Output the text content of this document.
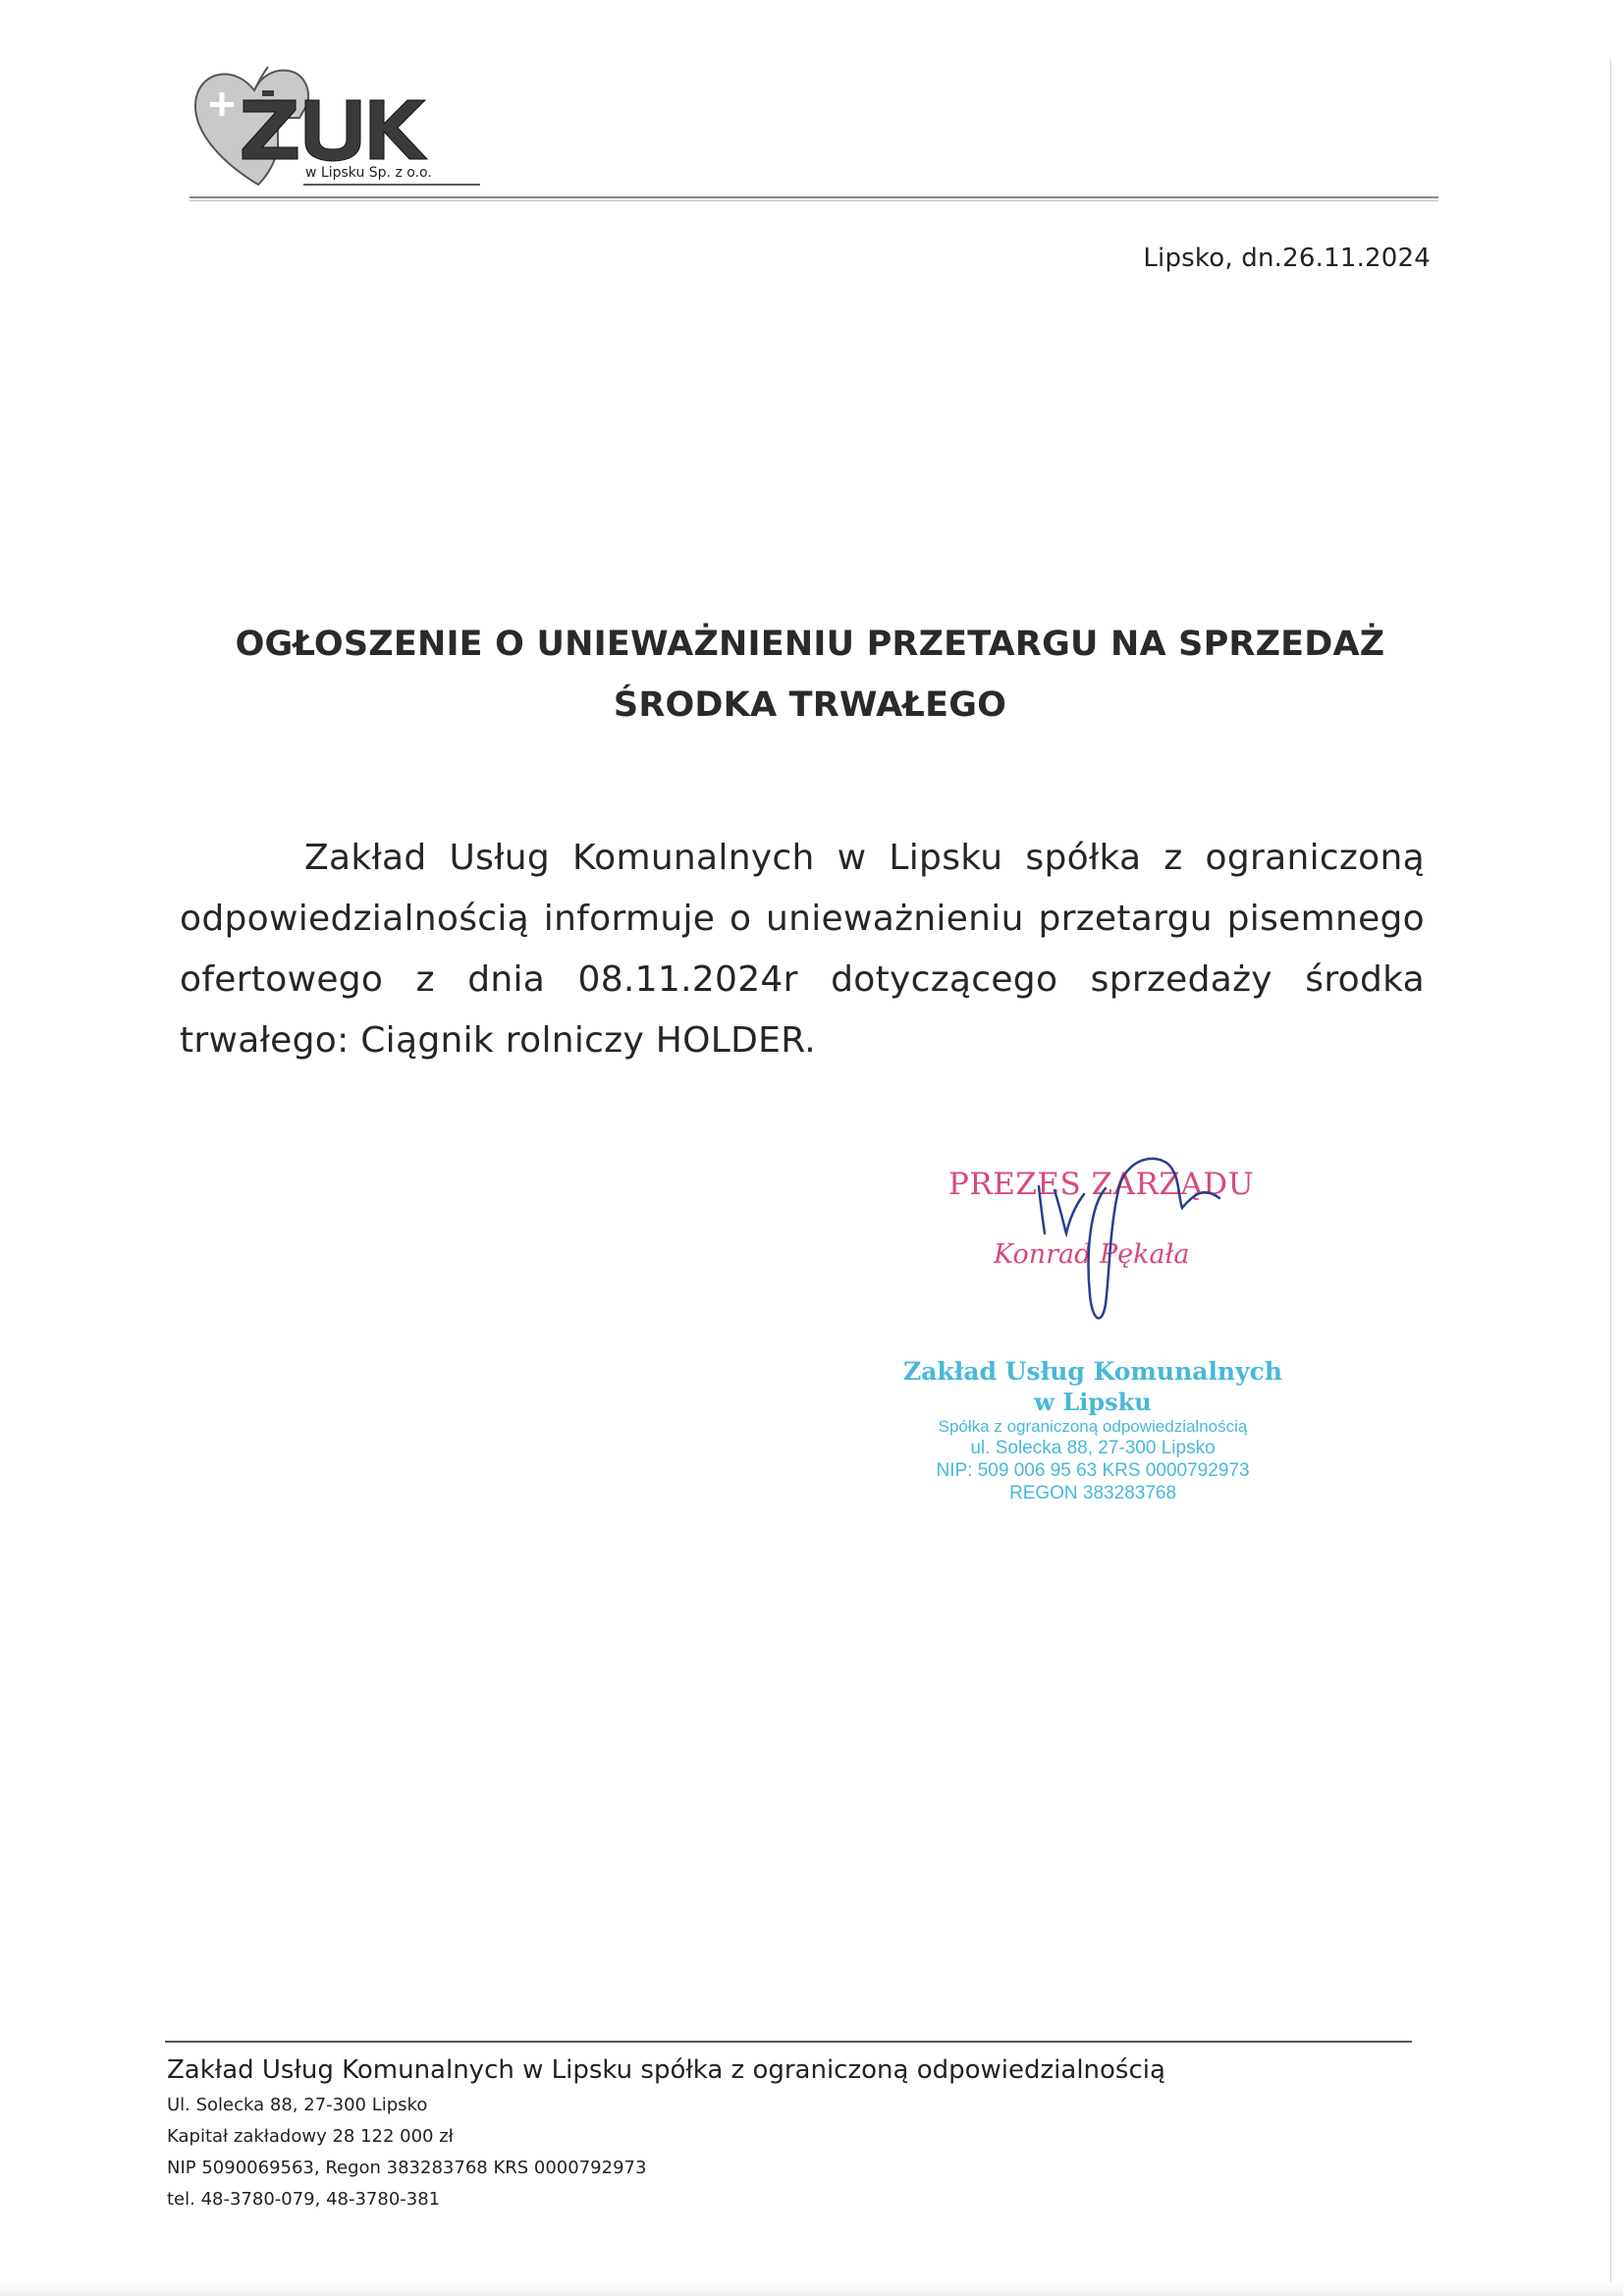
w Lipsku Sp. z o.o.
Lipsko, dn.26.11.2024
OGŁOSZENIE O UNIEWAŻNIENIU PRZETARGU NA SPRZEDAŻ
ŚRODKA TRWAŁEGO
Zakład Usług Komunalnych w Lipsku spółka z ograniczoną odpowiedzialnością informuje o unieważnieniu przetargu pisemnego ofertowego z dnia 08.11.2024r dotyczącego sprzedaży środka trwałego: Ciągnik rolniczy HOLDER.
PREZES ZARZĄDU
Konrad Pękała
Zakład Usług Komunalnych
w Lipsku
Spółka z ograniczoną odpowiedzialnością
ul. Solecka 88, 27-300 Lipsko
NIP: 509 006 95 63 KRS 0000792973
REGON 383283768
Zakład Usług Komunalnych w Lipsku spółka z ograniczoną odpowiedzialnością
Ul. Solecka 88, 27-300 Lipsko
Kapitał zakładowy 28 122 000 zł
NIP 5090069563, Regon 383283768 KRS 0000792973
tel. 48-3780-079, 48-3780-381
